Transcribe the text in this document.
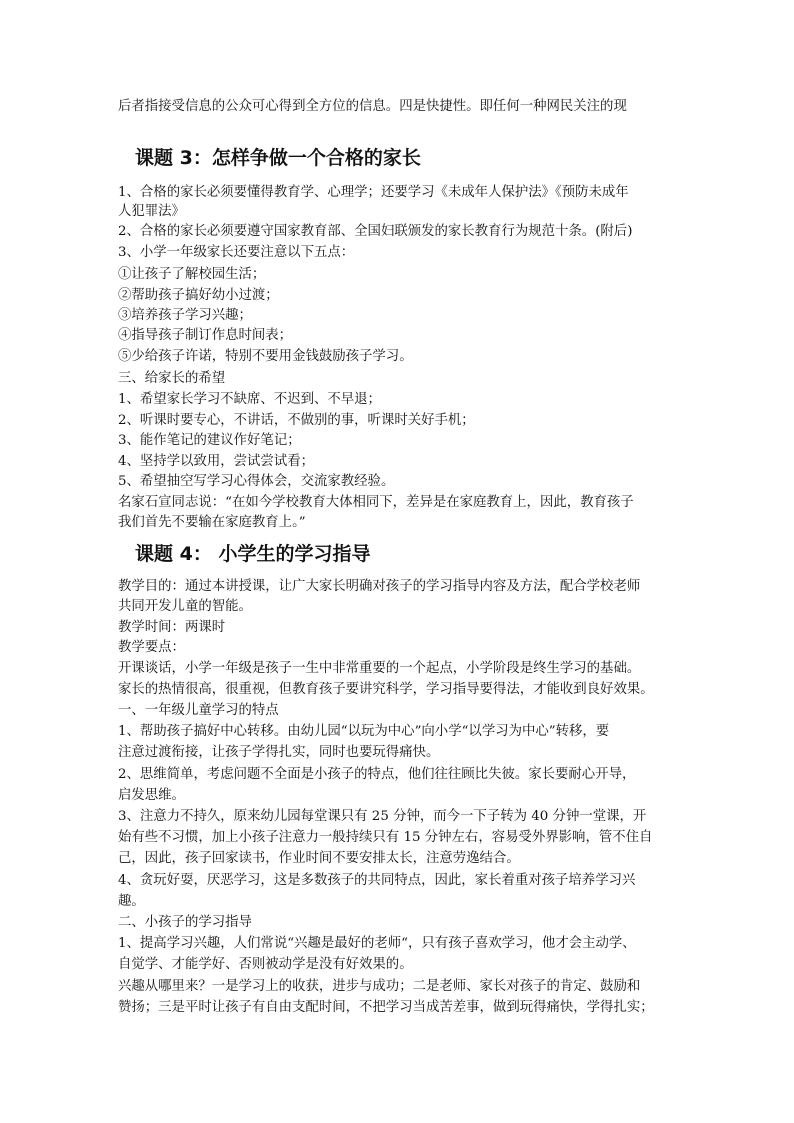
后者指接受信息的公众可心得到全方位的信息。四是快捷性。即任何一种网民关注的现
课题 3：怎样争做一个合格的家长
1、合格的家长必须要懂得教育学、心理学；还要学习《未成年人保护法》《预防未成年
人犯罪法》
2、合格的家长必须要遵守国家教育部、全国妇联颁发的家长教育行为规范十条。(附后)
3、小学一年级家长还要注意以下五点：
①让孩子了解校园生活；
②帮助孩子搞好幼小过渡；
③培养孩子学习兴趣；
④指导孩子制订作息时间表；
⑤少给孩子许诺，特别不要用金钱鼓励孩子学习。
三、给家长的希望
1、希望家长学习不缺席、不迟到、不早退；
2、听课时要专心，不讲话，不做别的事，听课时关好手机；
3、能作笔记的建议作好笔记；
4、坚持学以致用，尝试尝试看；
5、希望抽空写学习心得体会，交流家教经验。
名家石宣同志说：“在如今学校教育大体相同下，差异是在家庭教育上，因此，教育孩子
我们首先不要输在家庭教育上。”
课题 4： 小学生的学习指导
教学目的：通过本讲授课，让广大家长明确对孩子的学习指导内容及方法，配合学校老师
共同开发儿童的智能。
教学时间：两课时
教学要点：
开课谈话，小学一年级是孩子一生中非常重要的一个起点，小学阶段是终生学习的基础。
家长的热情很高，很重视，但教育孩子要讲究科学，学习指导要得法，才能收到良好效果。
一、一年级儿童学习的特点
1、帮助孩子搞好中心转移。由幼儿园“以玩为中心”向小学“以学习为中心”转移，要
注意过渡衔接，让孩子学得扎实，同时也要玩得痛快。
2、思维简单，考虑问题不全面是小孩子的特点，他们往往顾比失彼。家长要耐心开导，
启发思维。
3、注意力不持久，原来幼儿园每堂课只有 25 分钟，而今一下子转为 40 分钟一堂课，开
始有些不习惯，加上小孩子注意力一般持续只有 15 分钟左右，容易受外界影响，管不住自
己，因此，孩子回家读书，作业时间不要安排太长，注意劳逸结合。
4、贪玩好耍，厌恶学习，这是多数孩子的共同特点，因此，家长着重对孩子培养学习兴
趣。
二、小孩子的学习指导
1、提高学习兴趣，人们常说“兴趣是最好的老师“，只有孩子喜欢学习，他才会主动学、
自觉学、才能学好、否则被动学是没有好效果的。
兴趣从哪里来？一是学习上的收获，进步与成功；二是老师、家长对孩子的肯定、鼓励和
赞扬；三是平时让孩子有自由支配时间，不把学习当成苦差事，做到玩得痛快，学得扎实；
